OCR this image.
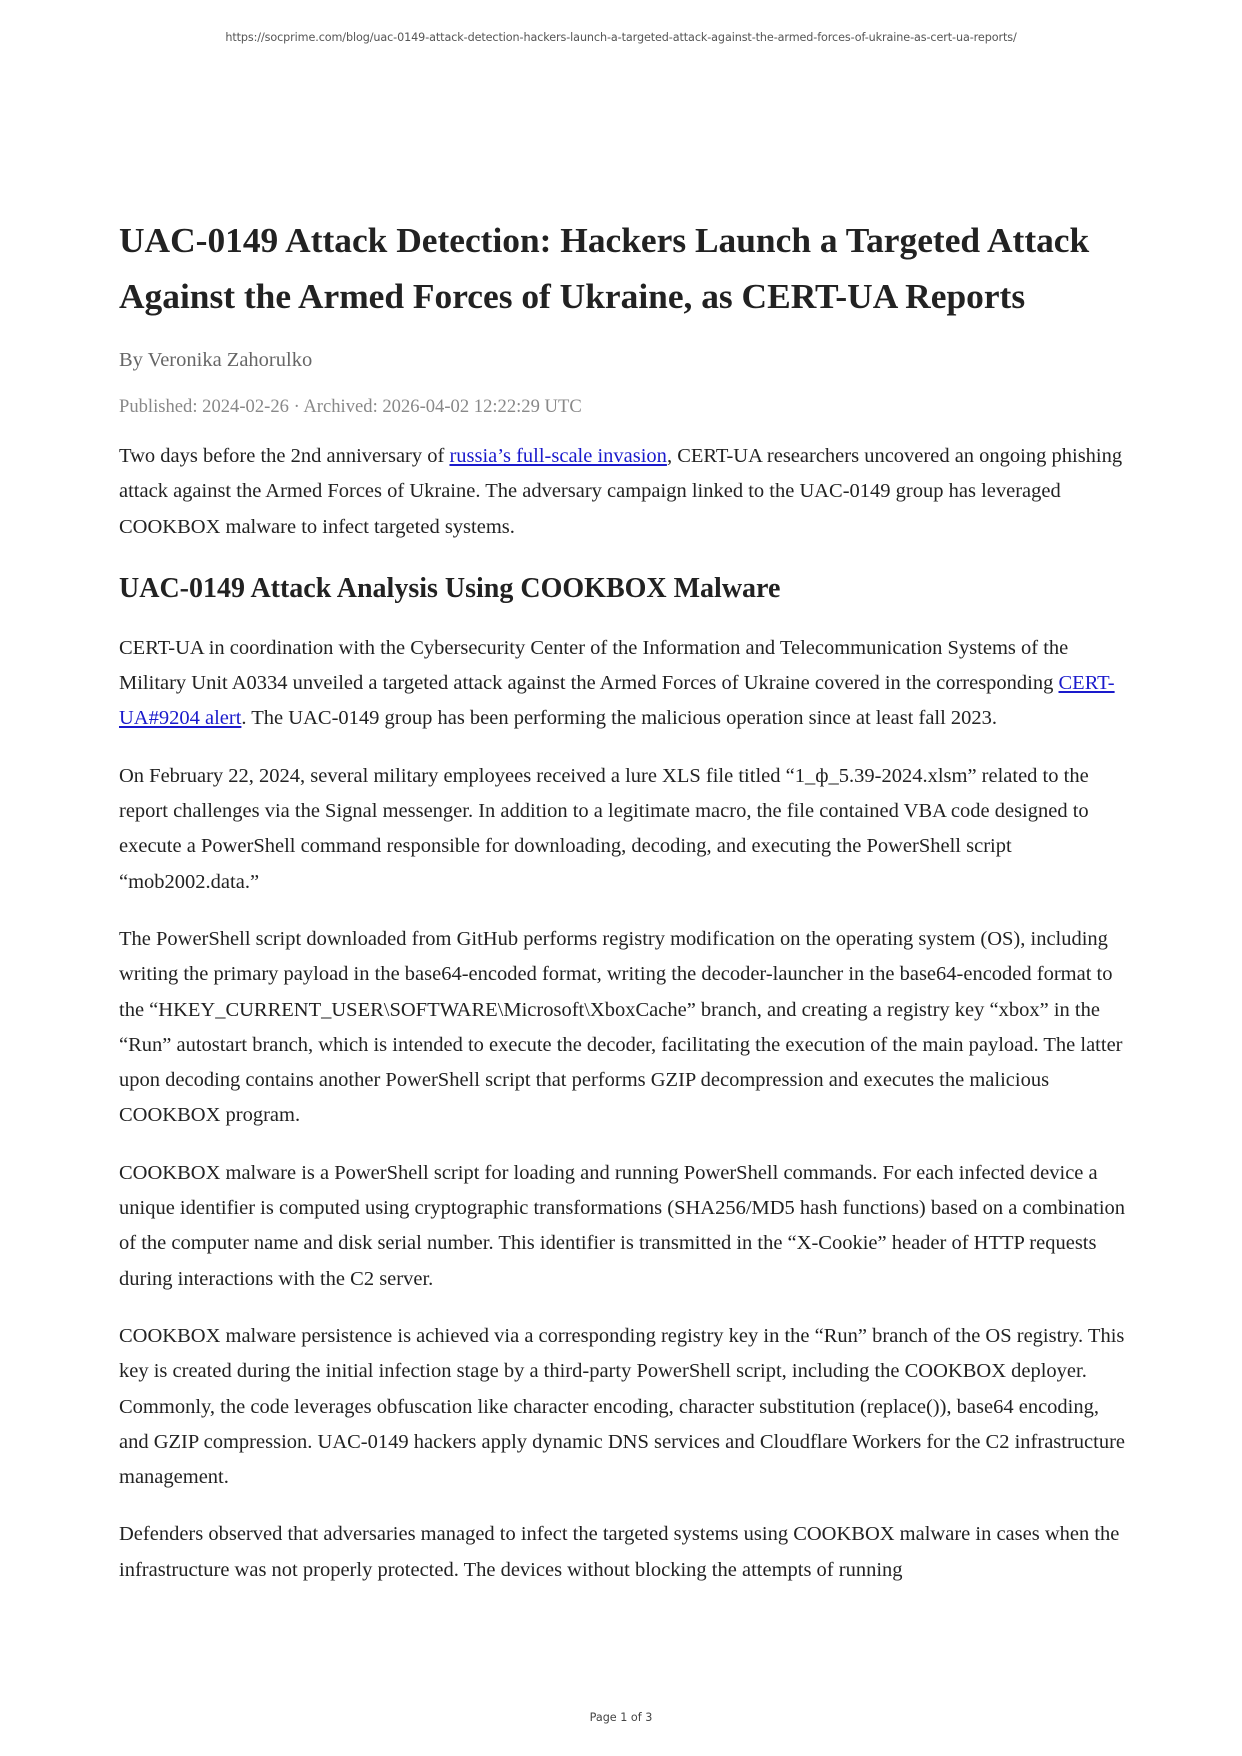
https://socprime.com/blog/uac-0149-attack-detection-hackers-launch-a-targeted-attack-against-the-armed-forces-of-ukraine-as-cert-ua-reports/
UAC-0149 Attack Detection: Hackers Launch a Targeted Attack Against the Armed Forces of Ukraine, as CERT-UA Reports
By Veronika Zahorulko
Published: 2024-02-26 · Archived: 2026-04-02 12:22:29 UTC

Two days before the 2nd anniversary of russia’s full-scale invasion, CERT-UA researchers uncovered an ongoing phishing attack against the Armed Forces of Ukraine. The adversary campaign linked to the UAC-0149 group has leveraged COOKBOX malware to infect targeted systems.

UAC-0149 Attack Analysis Using COOKBOX Malware

CERT-UA in coordination with the Cybersecurity Center of the Information and Telecommunication Systems of the Military Unit A0334 unveiled a targeted attack against the Armed Forces of Ukraine covered in the corresponding CERT-UA#9204 alert. The UAC-0149 group has been performing the malicious operation since at least fall 2023.

On February 22, 2024, several military employees received a lure XLS file titled “1_ф_5.39-2024.xlsm” related to the report challenges via the Signal messenger. In addition to a legitimate macro, the file contained VBA code designed to execute a PowerShell command responsible for downloading, decoding, and executing the PowerShell script “mob2002.data.”

The PowerShell script downloaded from GitHub performs registry modification on the operating system (OS), including writing the primary payload in the base64-encoded format, writing the decoder-launcher in the base64-encoded format to the “HKEY_CURRENT_USER\SOFTWARE\Microsoft\XboxCache” branch, and creating a registry key “xbox” in the “Run” autostart branch, which is intended to execute the decoder, facilitating the execution of the main payload. The latter upon decoding contains another PowerShell script that performs GZIP decompression and executes the malicious COOKBOX program.

COOKBOX malware is a PowerShell script for loading and running PowerShell commands. For each infected device a unique identifier is computed using cryptographic transformations (SHA256/MD5 hash functions) based on a combination of the computer name and disk serial number. This identifier is transmitted in the “X-Cookie” header of HTTP requests during interactions with the C2 server.

COOKBOX malware persistence is achieved via a corresponding registry key in the “Run” branch of the OS registry. This key is created during the initial infection stage by a third-party PowerShell script, including the COOKBOX deployer. Commonly, the code leverages obfuscation like character encoding, character substitution (replace()), base64 encoding, and GZIP compression. UAC-0149 hackers apply dynamic DNS services and Cloudflare Workers for the C2 infrastructure management.

Defenders observed that adversaries managed to infect the targeted systems using COOKBOX malware in cases when the infrastructure was not properly protected. The devices without blocking the attempts of running

Page 1 of 3
